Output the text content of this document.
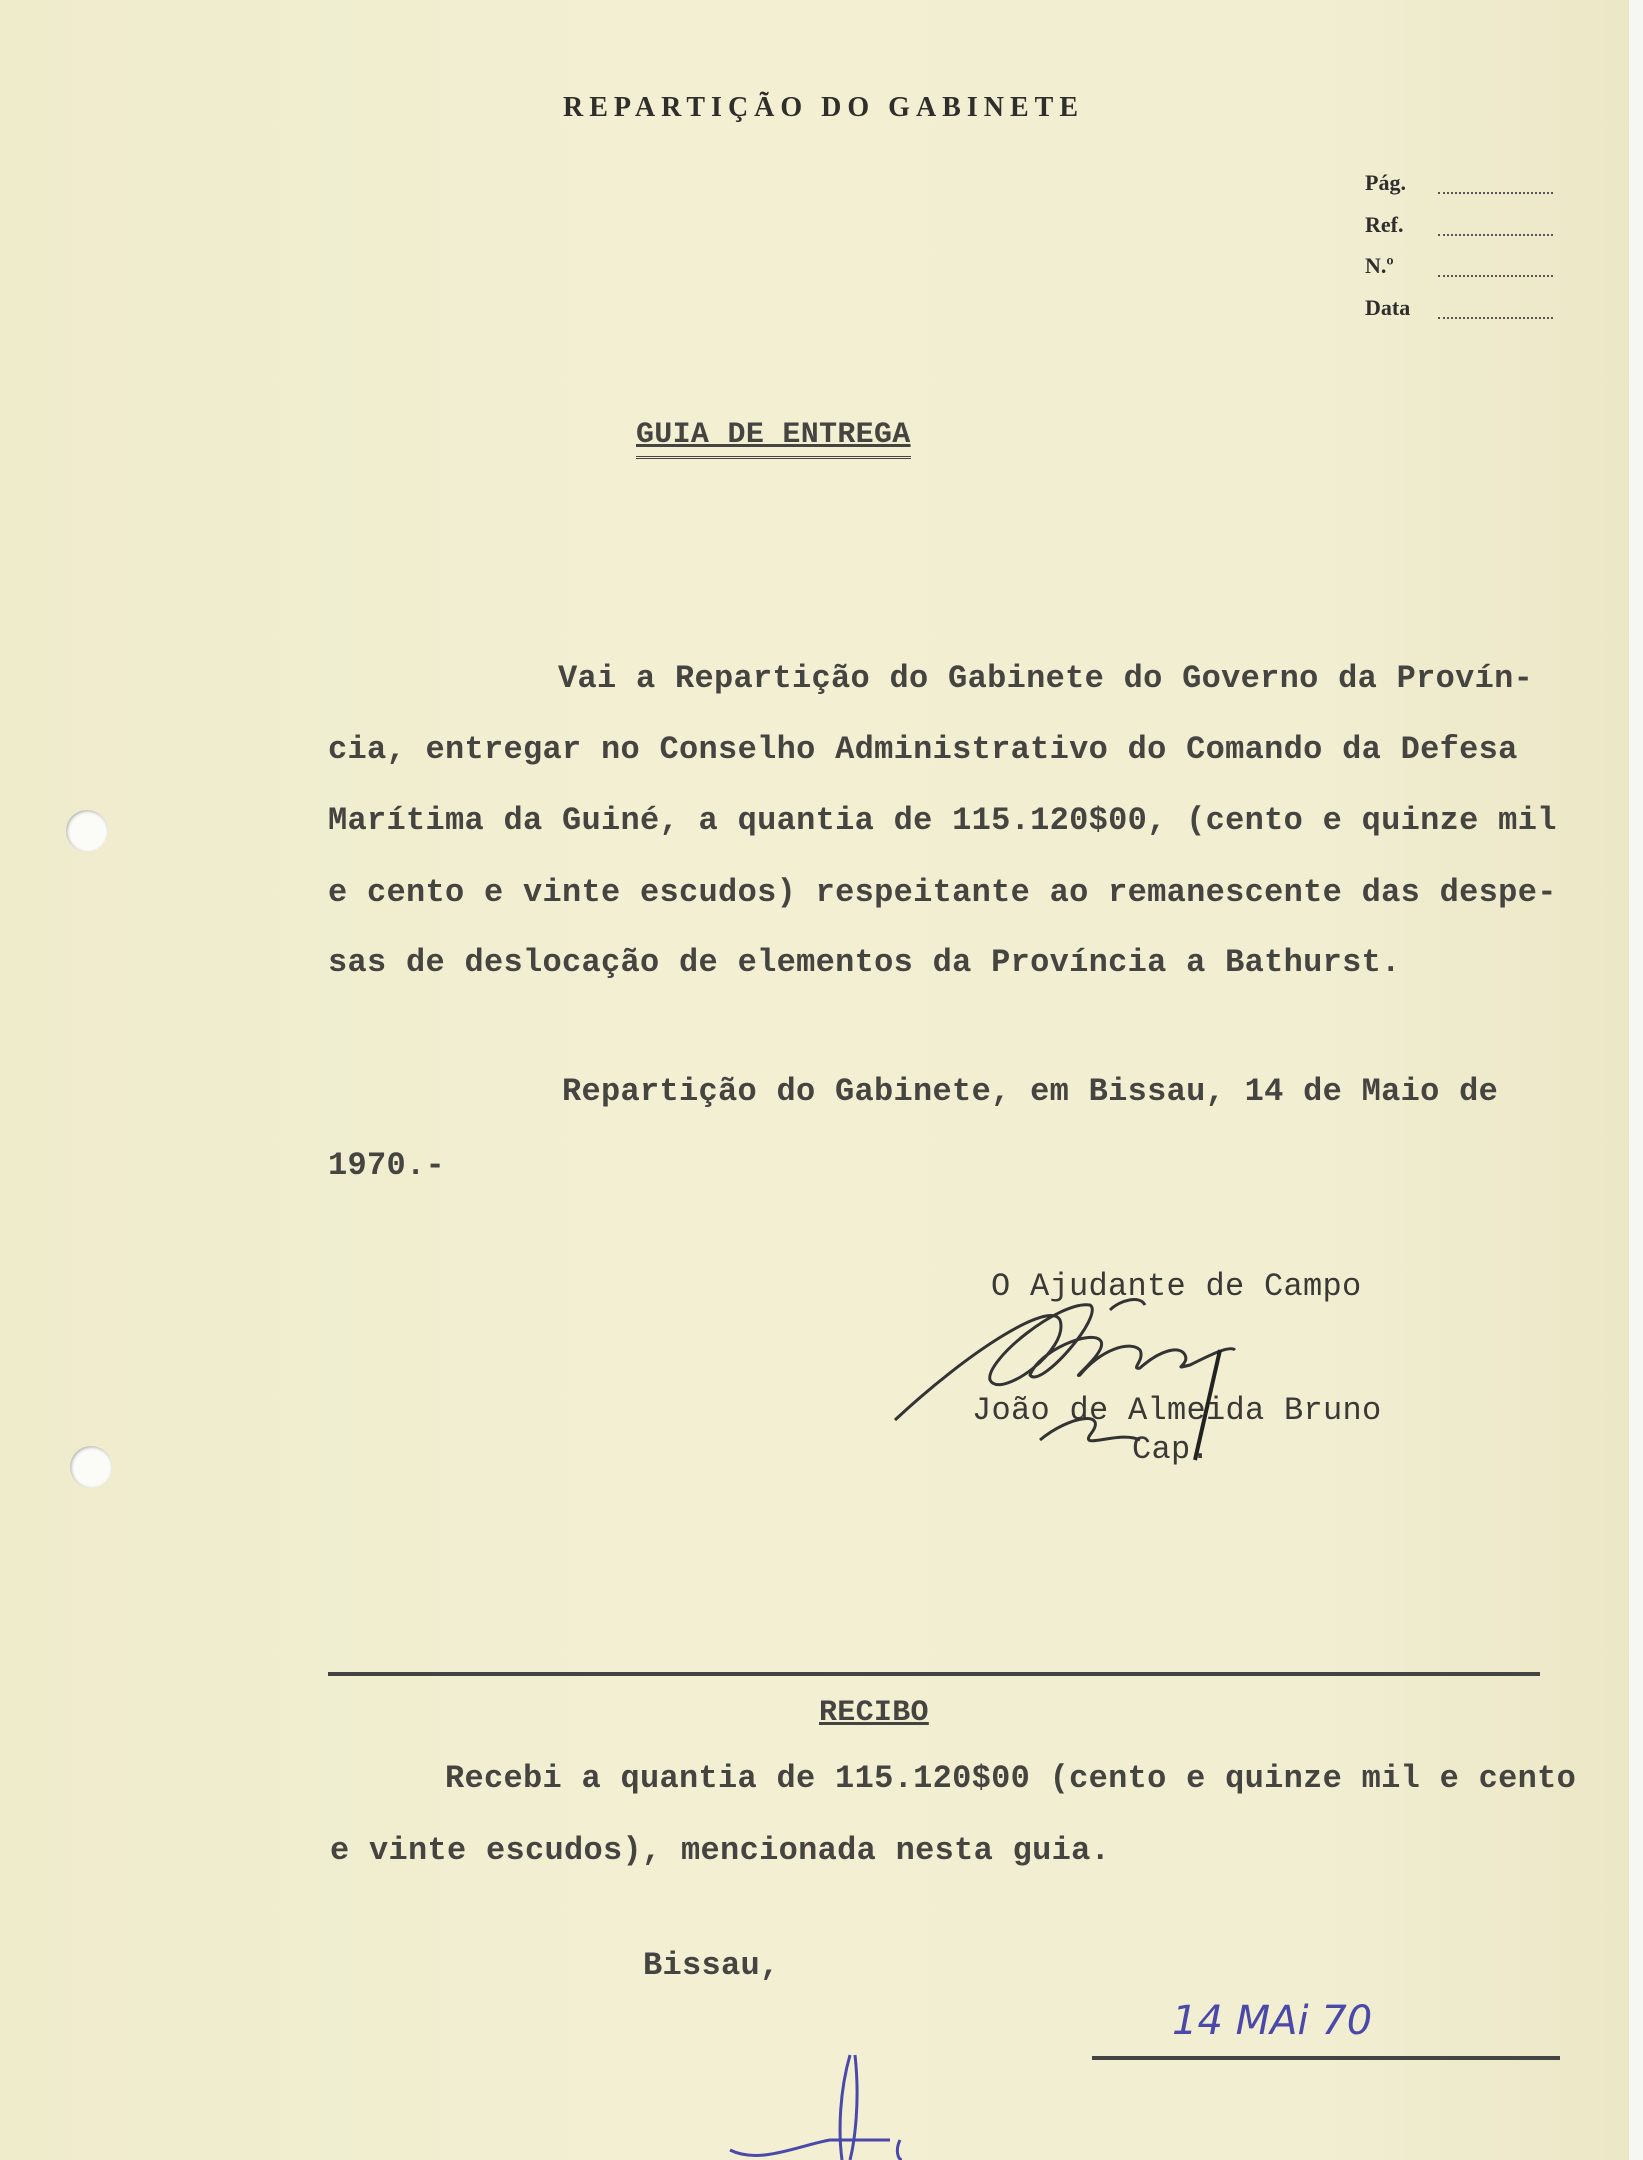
REPARTIÇÃO DO GABINETE
Pág.
Ref.
N.º
Data
GUIA DE ENTREGA
Vai a Repartição do Gabinete do Governo da Provín-
cia, entregar no Conselho Administrativo do Comando da Defesa
Marítima da Guiné, a quantia de 115.120$00, (cento e quinze mil
e cento e vinte escudos) respeitante ao remanescente das despe-
sas de deslocação de elementos da Província a Bathurst.
Repartição do Gabinete, em Bissau, 14 de Maio de
1970.-
O Ajudante de Campo
João de Almeida Bruno
Cap.
RECIBO
Recebi a quantia de 115.120$00 (cento e quinze mil e cento
e vinte escudos), mencionada nesta guia.
Bissau,
14 MAi 70
